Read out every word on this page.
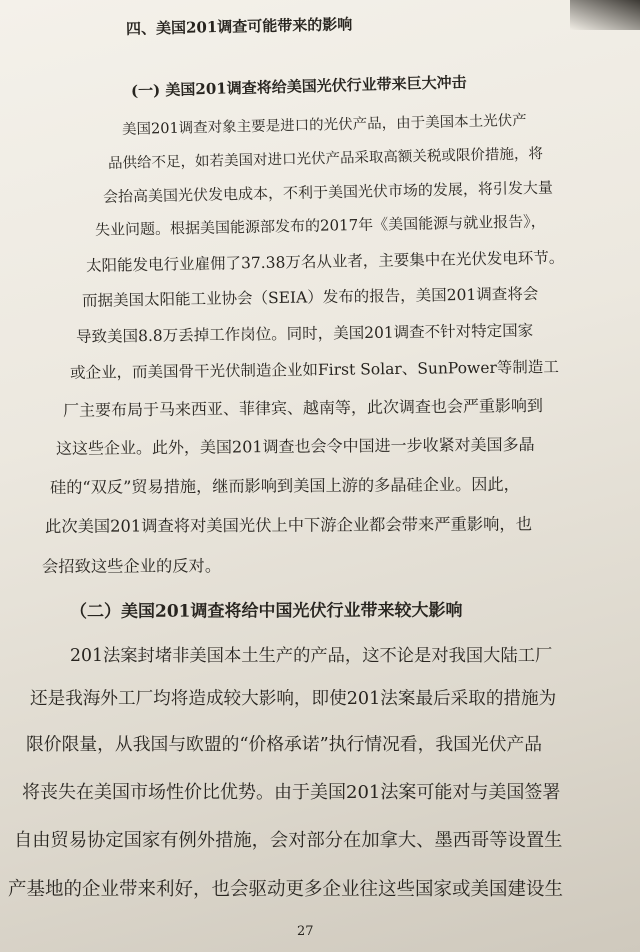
四、美国201调查可能带来的影响
(一) 美国201调查将给美国光伏行业带来巨大冲击
美国201调查对象主要是进口的光伏产品，由于美国本土光伏产
品供给不足，如若美国对进口光伏产品采取高额关税或限价措施，将
会抬高美国光伏发电成本，不利于美国光伏市场的发展，将引发大量
失业问题。根据美国能源部发布的2017年《美国能源与就业报告》，
太阳能发电行业雇佣了37.38万名从业者，主要集中在光伏发电环节。
而据美国太阳能工业协会（SEIA）发布的报告，美国201调查将会
导致美国8.8万丢掉工作岗位。同时，美国201调查不针对特定国家
或企业，而美国骨干光伏制造企业如First Solar、SunPower等制造工
厂主要布局于马来西亚、菲律宾、越南等，此次调查也会严重影响到
这这些企业。此外，美国201调查也会令中国进一步收紧对美国多晶
硅的“双反”贸易措施，继而影响到美国上游的多晶硅企业。因此，
此次美国201调查将对美国光伏上中下游企业都会带来严重影响，也
会招致这些企业的反对。
（二）美国201调查将给中国光伏行业带来较大影响
201法案封堵非美国本土生产的产品，这不论是对我国大陆工厂
还是我海外工厂均将造成较大影响，即使201法案最后采取的措施为
限价限量，从我国与欧盟的“价格承诺”执行情况看，我国光伏产品
将丧失在美国市场性价比优势。由于美国201法案可能对与美国签署
自由贸易协定国家有例外措施，会对部分在加拿大、墨西哥等设置生
产基地的企业带来利好，也会驱动更多企业往这些国家或美国建设生
27
